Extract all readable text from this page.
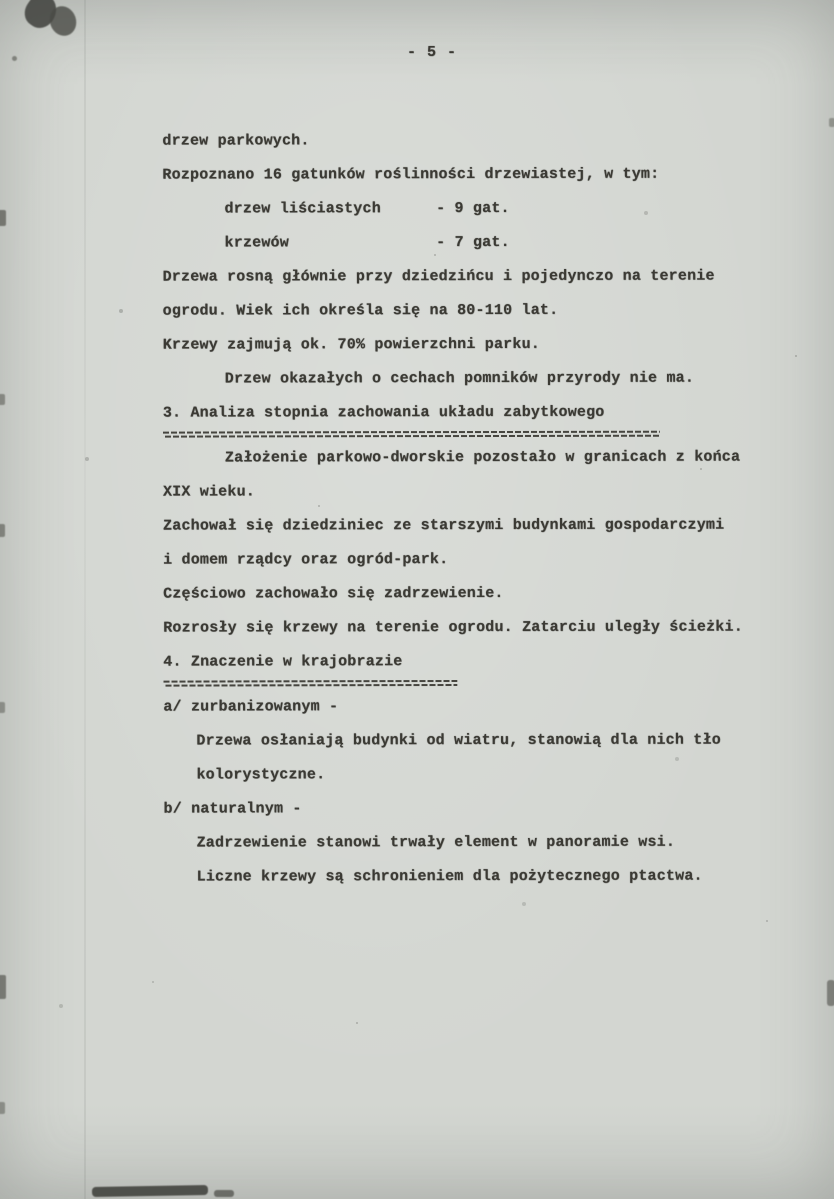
- 5 -
drzew parkowych.
Rozpoznano 16 gatunków roślinności drzewiastej, w tym:
drzew liściastych      - 9 gat.
krzewów                - 7 gat.
Drzewa rosną głównie przy dziedzińcu i pojedynczo na terenie
ogrodu. Wiek ich określa się na 80-110 lat.
Krzewy zajmują ok. 70% powierzchni parku.
Drzew okazałych o cechach pomników przyrody nie ma.
3. Analiza stopnia zachowania układu zabytkowego
Założenie parkowo-dworskie pozostało w granicach z końca
XIX wieku.
Zachował się dziedziniec ze starszymi budynkami gospodarczymi
i domem rządcy oraz ogród-park.
Częściowo zachowało się zadrzewienie.
Rozrosły się krzewy na terenie ogrodu. Zatarciu uległy ścieżki.
4. Znaczenie w krajobrazie
a/ zurbanizowanym -
Drzewa osłaniają budynki od wiatru, stanowią dla nich tło
kolorystyczne.
b/ naturalnym -
Zadrzewienie stanowi trwały element w panoramie wsi.
Liczne krzewy są schronieniem dla pożytecznego ptactwa.
